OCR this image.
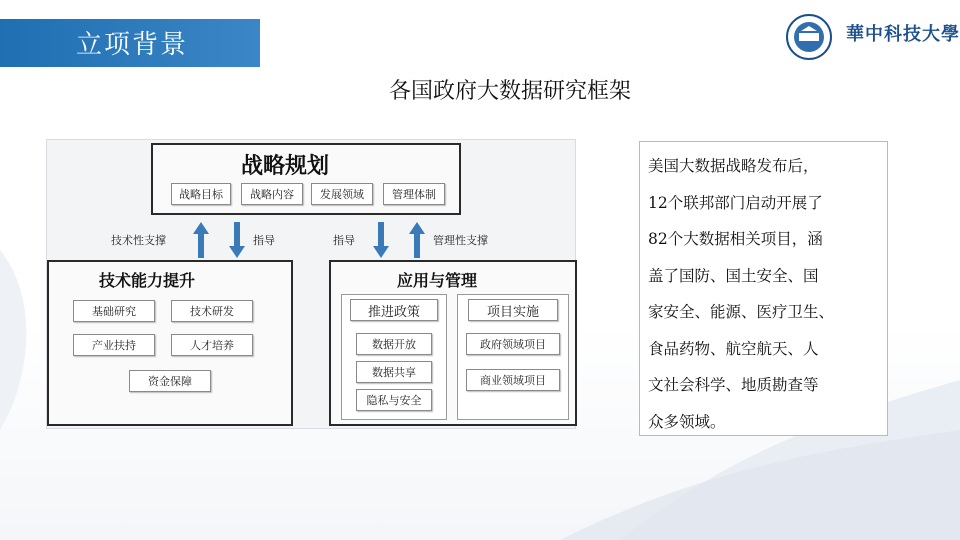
立项背景	華中科技大學
各国政府大数据研究框架
战略规划
战略目标	战略内容	发展领域	管理体制
技术性支撑	指导	指导	管理性支撑
技术能力提升
基础研究	技术研发
产业扶持	人才培养
资金保障
应用与管理
推进政策
数据开放
数据共享
隐私与安全
项目实施
政府领域项目
商业领域项目
美国大数据战略发布后，
12个联邦部门启动开展了
82个大数据相关项目，涵
盖了国防、国土安全、国
家安全、能源、医疗卫生、
食品药物、航空航天、人
文社会科学、地质勘查等
众多领域。
